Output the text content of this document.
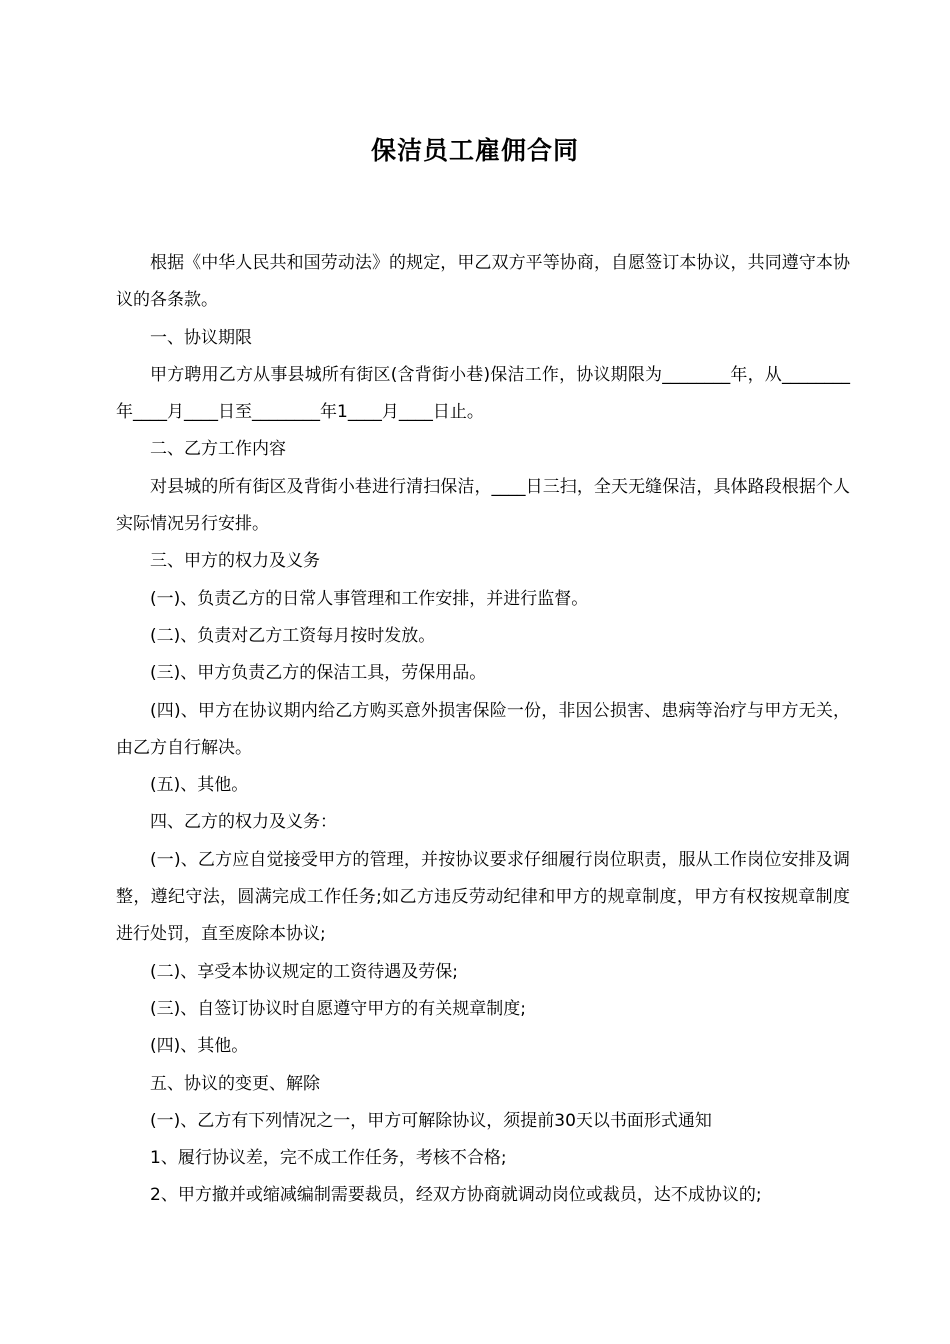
保洁员工雇佣合同

根据《中华人民共和国劳动法》的规定，甲乙双方平等协商，自愿签订本协议，共同遵守本协议的各条款。

一、协议期限

甲方聘用乙方从事县城所有街区(含背街小巷)保洁工作，协议期限为________年，从________年____月____日至________年1____月____日止。

二、乙方工作内容

对县城的所有街区及背街小巷进行清扫保洁，____日三扫，全天无缝保洁，具体路段根据个人实际情况另行安排。

三、甲方的权力及义务

(一)、负责乙方的日常人事管理和工作安排，并进行监督。

(二)、负责对乙方工资每月按时发放。

(三)、甲方负责乙方的保洁工具，劳保用品。

(四)、甲方在协议期内给乙方购买意外损害保险一份，非因公损害、患病等治疗与甲方无关，由乙方自行解决。

(五)、其他。

四、乙方的权力及义务：

(一)、乙方应自觉接受甲方的管理，并按协议要求仔细履行岗位职责，服从工作岗位安排及调整，遵纪守法，圆满完成工作任务;如乙方违反劳动纪律和甲方的规章制度，甲方有权按规章制度进行处罚，直至废除本协议;

(二)、享受本协议规定的工资待遇及劳保;

(三)、自签订协议时自愿遵守甲方的有关规章制度;

(四)、其他。

五、协议的变更、解除

(一)、乙方有下列情况之一，甲方可解除协议，须提前30天以书面形式通知

1、履行协议差，完不成工作任务，考核不合格;

2、甲方撤并或缩减编制需要裁员，经双方协商就调动岗位或裁员，达不成协议的;
